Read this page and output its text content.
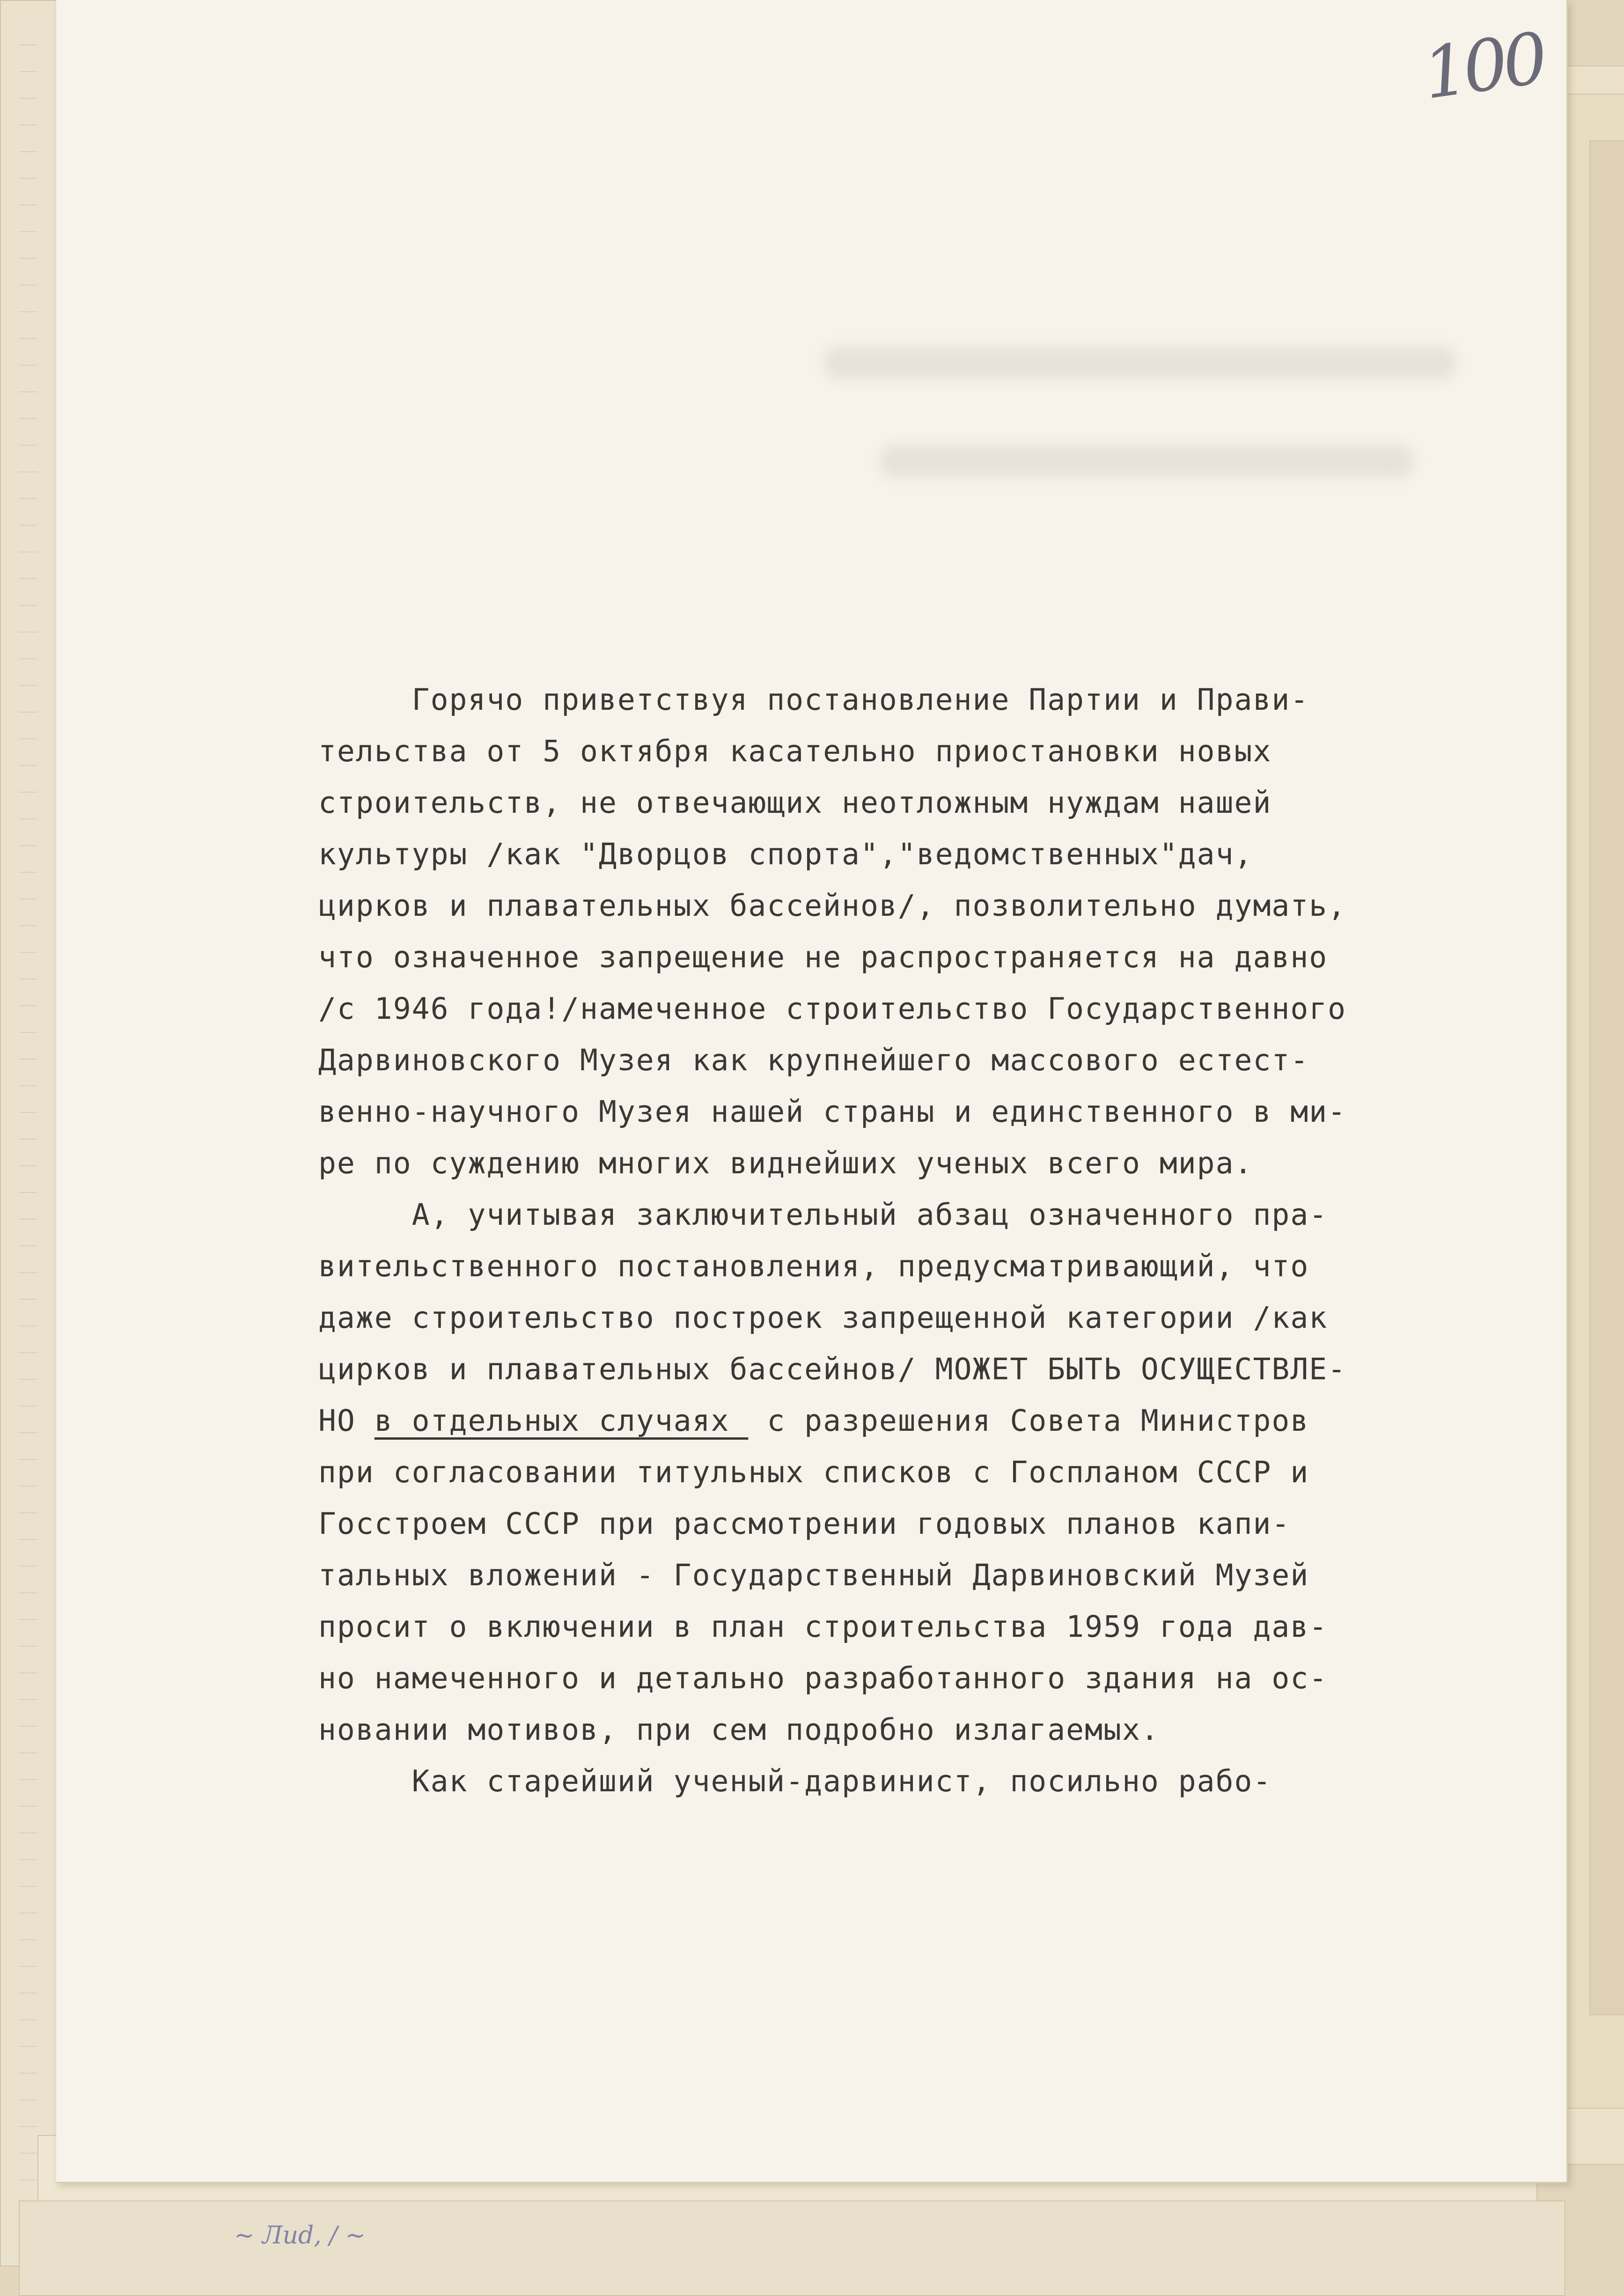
100
Горячо приветствуя постановление Партии и Прави-
тельства от 5 октября касательно приостановки новых
строительств, не отвечающих неотложным нуждам нашей
культуры /как "Дворцов спорта","ведомственных"дач,
цирков и плавательных бассейнов/, позволительно думать,
что означенное запрещение не распространяется на давно
/с 1946 года!/намеченное строительство Государственного
Дарвиновского Музея как крупнейшего массового естест-
венно-научного Музея нашей страны и единственного в ми-
ре по суждению многих виднейших ученых всего мира.
А, учитывая заключительный абзац означенного пра-
вительственного постановления, предусматривающий, что
даже строительство построек запрещенной категории /как
цирков и плавательных бассейнов/ МОЖЕТ БЫТЬ ОСУЩЕСТВЛЕ-
НО в отдельных случаях  с разрешения Совета Министров
при согласовании титульных списков с Госпланом СССР и
Госстроем СССР при рассмотрении годовых планов капи-
тальных вложений - Государственный Дарвиновский Музей
просит о включении в план строительства 1959 года дав-
но намеченного и детально разработанного здания на ос-
новании мотивов, при сем подробно излагаемых.
Как старейший ученый-дарвинист, посильно рабо-
~ Лиd, / ~
